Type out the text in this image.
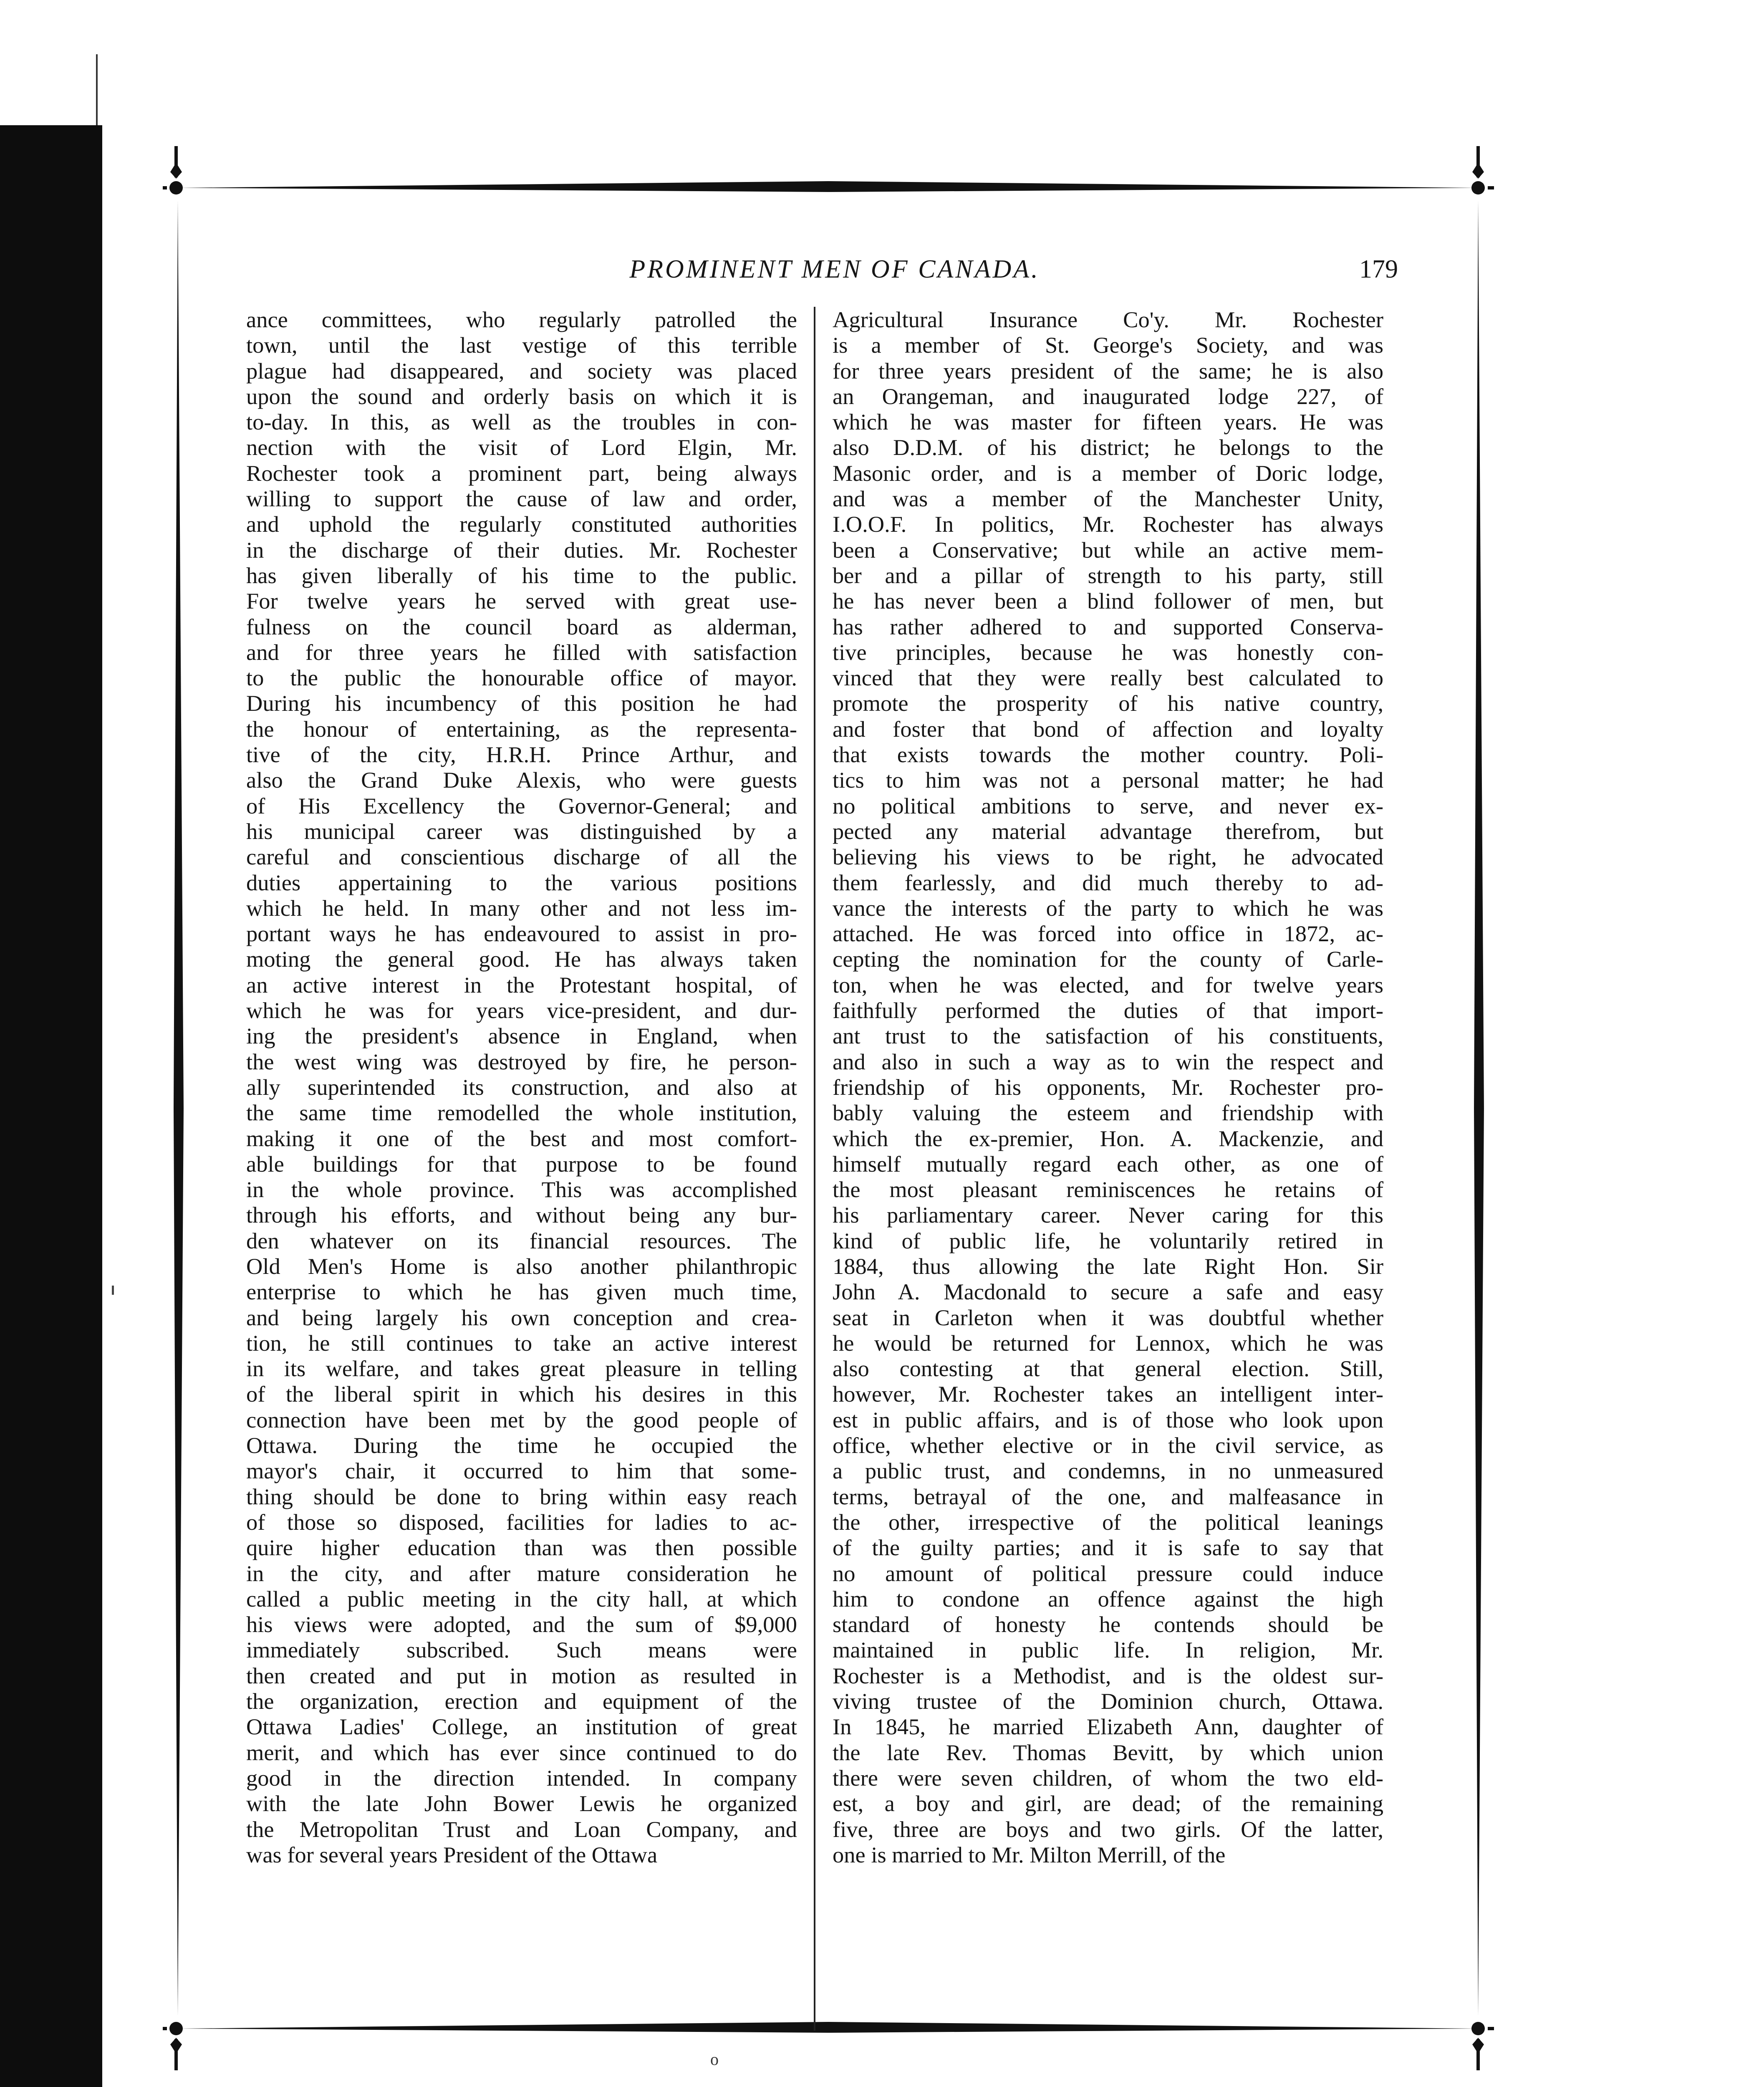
PROMINENT MEN OF CANADA.	179
ance committees, who regularly patrolled the
town, until the last vestige of this terrible
plague had disappeared, and society was placed
upon the sound and orderly basis on which it is
to-day. In this, as well as the troubles in con-
nection with the visit of Lord Elgin, Mr.
Rochester took a prominent part, being always
willing to support the cause of law and order,
and uphold the regularly constituted authorities
in the discharge of their duties. Mr. Rochester
has given liberally of his time to the public.
For twelve years he served with great use-
fulness on the council board as alderman,
and for three years he filled with satisfaction
to the public the honourable office of mayor.
During his incumbency of this position he had
the honour of entertaining, as the representa-
tive of the city, H.R.H. Prince Arthur, and
also the Grand Duke Alexis, who were guests
of His Excellency the Governor-General; and
his municipal career was distinguished by a
careful and conscientious discharge of all the
duties appertaining to the various positions
which he held. In many other and not less im-
portant ways he has endeavoured to assist in pro-
moting the general good. He has always taken
an active interest in the Protestant hospital, of
which he was for years vice-president, and dur-
ing the president's absence in England, when
the west wing was destroyed by fire, he person-
ally superintended its construction, and also at
the same time remodelled the whole institution,
making it one of the best and most comfort-
able buildings for that purpose to be found
in the whole province. This was accomplished
through his efforts, and without being any bur-
den whatever on its financial resources. The
Old Men's Home is also another philanthropic
enterprise to which he has given much time,
and being largely his own conception and crea-
tion, he still continues to take an active interest
in its welfare, and takes great pleasure in telling
of the liberal spirit in which his desires in this
connection have been met by the good people of
Ottawa. During the time he occupied the
mayor's chair, it occurred to him that some-
thing should be done to bring within easy reach
of those so disposed, facilities for ladies to ac-
quire higher education than was then possible
in the city, and after mature consideration he
called a public meeting in the city hall, at which
his views were adopted, and the sum of $9,000
immediately subscribed. Such means were
then created and put in motion as resulted in
the organization, erection and equipment of the
Ottawa Ladies' College, an institution of great
merit, and which has ever since continued to do
good in the direction intended. In company
with the late John Bower Lewis he organized
the Metropolitan Trust and Loan Company, and
was for several years President of the Ottawa
Agricultural Insurance Co'y. Mr. Rochester
is a member of St. George's Society, and was
for three years president of the same; he is also
an Orangeman, and inaugurated lodge 227, of
which he was master for fifteen years. He was
also D.D.M. of his district; he belongs to the
Masonic order, and is a member of Doric lodge,
and was a member of the Manchester Unity,
I.O.O.F. In politics, Mr. Rochester has always
been a Conservative; but while an active mem-
ber and a pillar of strength to his party, still
he has never been a blind follower of men, but
has rather adhered to and supported Conserva-
tive principles, because he was honestly con-
vinced that they were really best calculated to
promote the prosperity of his native country,
and foster that bond of affection and loyalty
that exists towards the mother country. Poli-
tics to him was not a personal matter; he had
no political ambitions to serve, and never ex-
pected any material advantage therefrom, but
believing his views to be right, he advocated
them fearlessly, and did much thereby to ad-
vance the interests of the party to which he was
attached. He was forced into office in 1872, ac-
cepting the nomination for the county of Carle-
ton, when he was elected, and for twelve years
faithfully performed the duties of that import-
ant trust to the satisfaction of his constituents,
and also in such a way as to win the respect and
friendship of his opponents, Mr. Rochester pro-
bably valuing the esteem and friendship with
which the ex-premier, Hon. A. Mackenzie, and
himself mutually regard each other, as one of
the most pleasant reminiscences he retains of
his parliamentary career. Never caring for this
kind of public life, he voluntarily retired in
1884, thus allowing the late Right Hon. Sir
John A. Macdonald to secure a safe and easy
seat in Carleton when it was doubtful whether
he would be returned for Lennox, which he was
also contesting at that general election. Still,
however, Mr. Rochester takes an intelligent inter-
est in public affairs, and is of those who look upon
office, whether elective or in the civil service, as
a public trust, and condemns, in no unmeasured
terms, betrayal of the one, and malfeasance in
the other, irrespective of the political leanings
of the guilty parties; and it is safe to say that
no amount of political pressure could induce
him to condone an offence against the high
standard of honesty he contends should be
maintained in public life. In religion, Mr.
Rochester is a Methodist, and is the oldest sur-
viving trustee of the Dominion church, Ottawa.
In 1845, he married Elizabeth Ann, daughter of
the late Rev. Thomas Bevitt, by which union
there were seven children, of whom the two eld-
est, a boy and girl, are dead; of the remaining
five, three are boys and two girls. Of the latter,
one is married to Mr. Milton Merrill, of the
o
